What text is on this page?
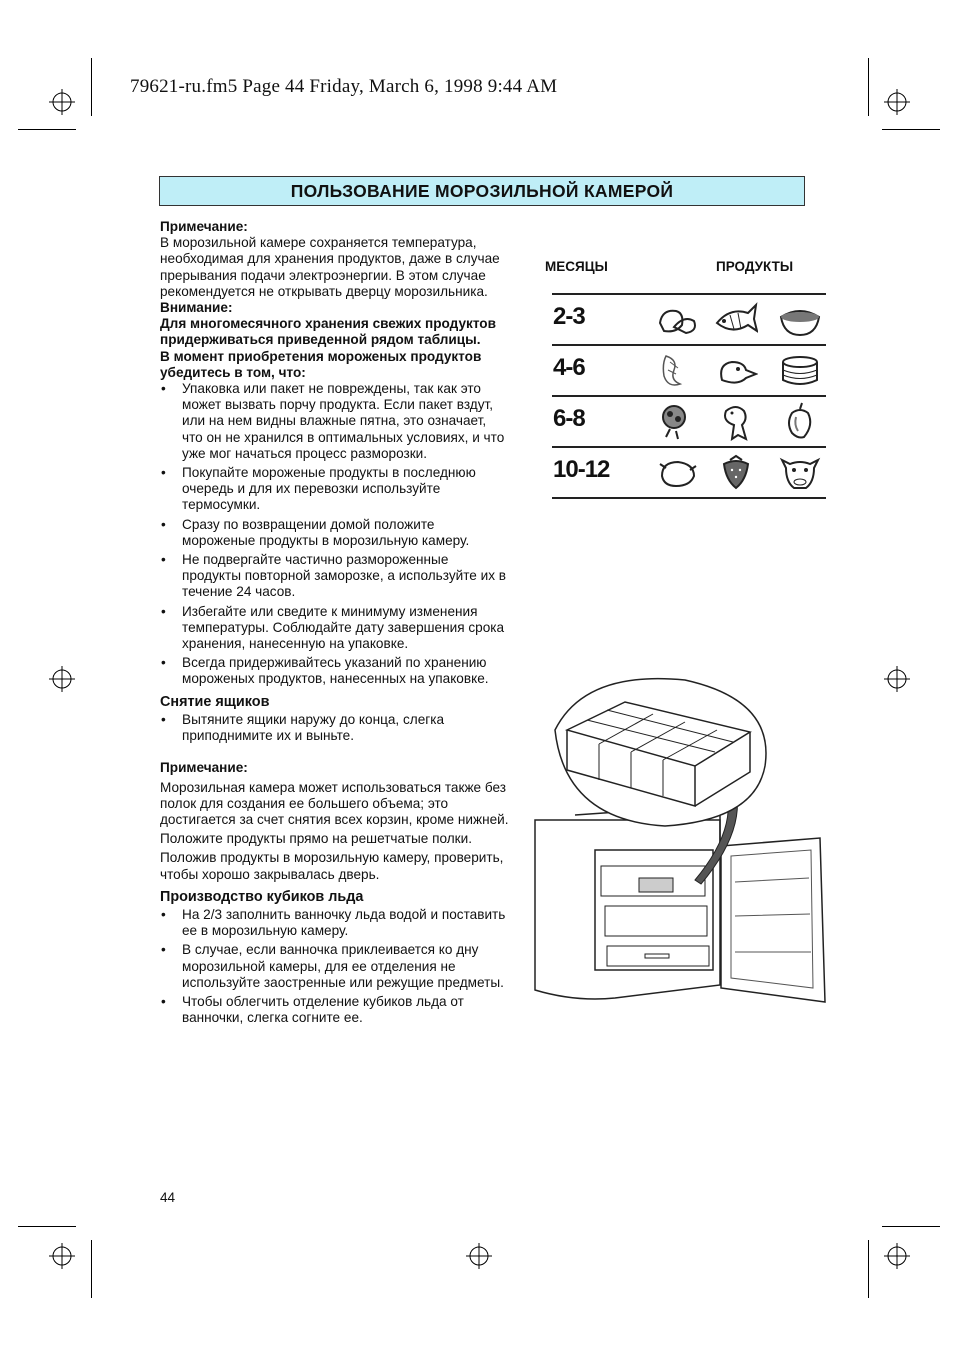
79621-ru.fm5 Page 44 Friday, March 6, 1998 9:44 AM
ПОЛЬЗОВАНИЕ МОРОЗИЛЬНОЙ КАМЕРОЙ

Примечание:

В морозильной камере сохраняется температура, необходимая для хранения продуктов, даже в случае прерывания подачи электроэнергии. В этом случае рекомендуется не открывать дверцу морозильника.

Внимание:

Для многомесячного хранения свежих продуктов придерживаться приведенной рядом таблицы.

В момент приобретения мороженых продуктов убедитесь в том, что:

• Упаковка или пакет не повреждены, так как это может вызвать порчу продукта. Если пакет вздут, или на нем видны влажные пятна, это означает, что он не хранился в оптимальных условиях, и что уже мог начаться процесс разморозки.
• Покупайте мороженые продукты в последнюю очередь и для их перевозки используйте термосумки.
• Сразу по возвращении домой положите мороженые продукты в морозильную камеру.
• Не подвергайте частично размороженные продукты повторной заморозке, а используйте их в течение 24 часов.
• Избегайте или сведите к минимуму изменения температуры. Соблюдайте дату завершения срока хранения, нанесенную на упаковке.
• Всегда придерживайтесь указаний по хранению мороженых продуктов, нанесенных на упаковке.

Снятие ящиков

• Вытяните ящики наружу до конца, слегка приподнимите их и выньте.

Примечание:

Морозильная камера может использоваться также без полок для создания ее большего объема; это достигается за счет снятия всех корзин, кроме нижней.

Положите продукты прямо на решетчатые полки.

Положив продукты в морозильную камеру, проверить, чтобы хорошо закрывалась дверь.

Производство кубиков льда

• На 2/3 заполнить ванночку льда водой и поставить ее в морозильную камеру.
• В случае, если ванночка приклеивается ко дну морозильной камеры, для ее отделения не используйте заостренные или режущие предметы.
• Чтобы облегчить отделение кубиков льда от ванночки, слегка согните ее.
44
МЕСЯЦЫ	ПРОДУКТЫ
2-3
4-6
6-8
10-12
